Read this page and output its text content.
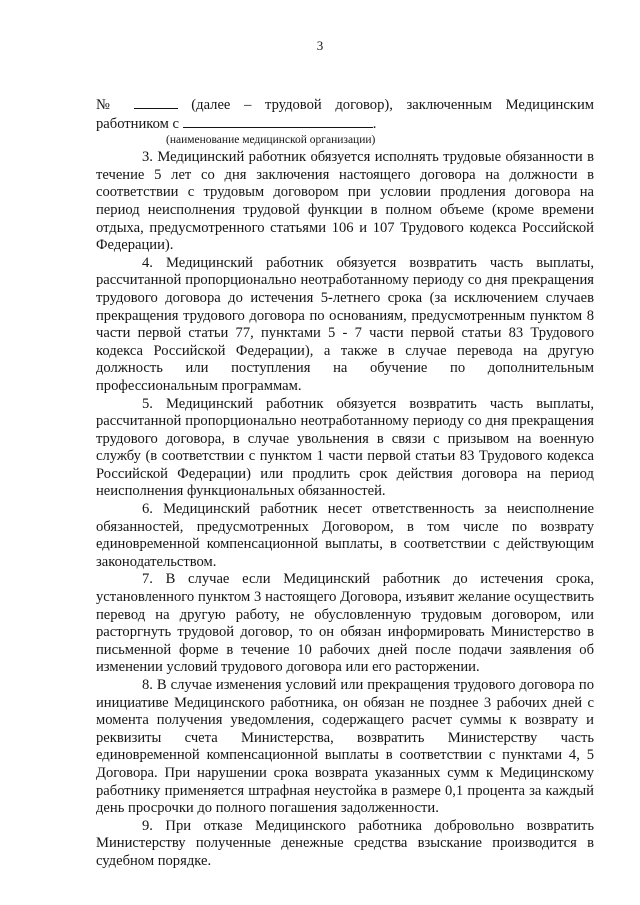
3

№	(далее – трудовой договор), заключенным Медицинским

работником с	.

(наименование медицинской организации)

3. Медицинский работник обязуется исполнять трудовые обязанности в течение 5 лет со дня заключения настоящего договора на должности в соответствии с трудовым договором при условии продления договора на период неисполнения трудовой функции в полном объеме (кроме времени отдыха, предусмотренного статьями 106 и 107 Трудового кодекса Российской Федерации).

4. Медицинский работник обязуется возвратить часть выплаты, рассчитанной пропорционально неотработанному периоду со дня прекращения трудового договора до истечения 5-летнего срока (за исключением случаев прекращения трудового договора по основаниям, предусмотренным пунктом 8 части первой статьи 77, пунктами 5 - 7 части первой статьи 83 Трудового кодекса Российской Федерации), а также в случае перевода на другую должность или поступления на обучение по дополнительным профессиональным программам.

5. Медицинский работник обязуется возвратить часть выплаты, рассчитанной пропорционально неотработанному периоду со дня прекращения трудового договора, в случае увольнения в связи с призывом на военную службу (в соответствии с пунктом 1 части первой статьи 83 Трудового кодекса Российской Федерации) или продлить срок действия договора на период неисполнения функциональных обязанностей.

6. Медицинский работник несет ответственность за неисполнение обязанностей, предусмотренных Договором, в том числе по возврату единовременной компенсационной выплаты, в соответствии с действующим законодательством.

7. В случае если Медицинский работник до истечения срока, установленного пунктом 3 настоящего Договора, изъявит желание осуществить перевод на другую работу, не обусловленную трудовым договором, или расторгнуть трудовой договор, то он обязан информировать Министерство в письменной форме в течение 10 рабочих дней после подачи заявления об изменении условий трудового договора или его расторжении.

8. В случае изменения условий или прекращения трудового договора по инициативе Медицинского работника, он обязан не позднее 3 рабочих дней с момента получения уведомления, содержащего расчет суммы к возврату и реквизиты счета Министерства, возвратить Министерству часть единовременной компенсационной выплаты в соответствии с пунктами 4, 5 Договора. При нарушении срока возврата указанных сумм к Медицинскому работнику применяется штрафная неустойка в размере 0,1 процента за каждый день просрочки до полного погашения задолженности.

9. При отказе Медицинского работника добровольно возвратить Министерству полученные денежные средства взыскание производится в судебном порядке.
